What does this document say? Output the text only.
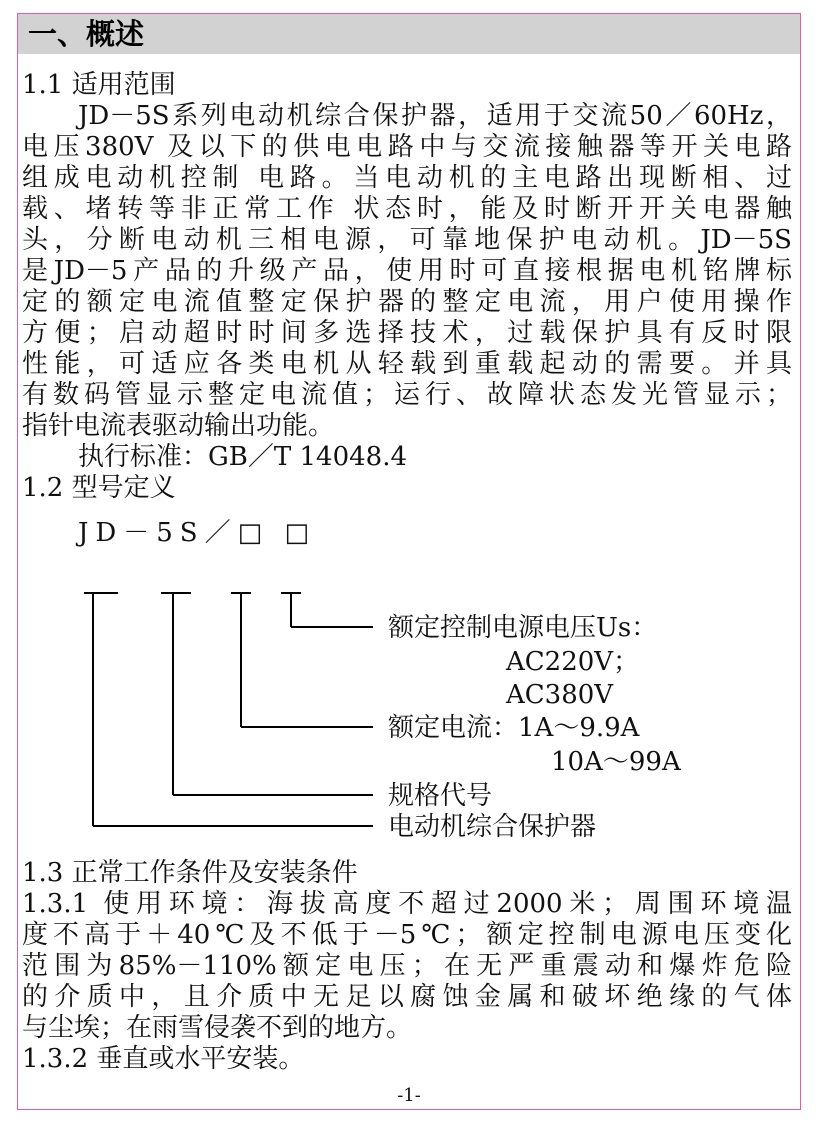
一、概述
1.1 适用范围
JD－5S系列电动机综合保护器，适用于交流50／60Hz，
电压380V 及以下的供电电路中与交流接触器等开关电路
组成电动机控制 电路。当电动机的主电路出现断相、过
载、堵转等非正常工作 状态时，能及时断开开关电器触
头，分断电动机三相电源，可靠地保护电动机。JD－5S
是JD－5产品的升级产品，使用时可直接根据电机铭牌标
定的额定电流值整定保护器的整定电流，用户使用操作
方便；启动超时时间多选择技术，过载保护具有反时限
性能，可适应各类电机从轻载到重载起动的需要。并具
有数码管显示整定电流值；运行、故障状态发光管显示；
指针电流表驱动输出功能。
执行标准：GB／T 14048.4
1.2 型号定义
JD－5S／□ □
额定控制电源电压Us：
AC220V；
AC380V
额定电流：1A～9.9A
10A～99A
规格代号
电动机综合保护器
1.3 正常工作条件及安装条件
1.3.1 使用环境：海拔高度不超过2000米；周围环境温
度不高于＋40℃及不低于－5℃；额定控制电源电压变化
范围为85%－110%额定电压；在无严重震动和爆炸危险
的介质中，且介质中无足以腐蚀金属和破坏绝缘的气体
与尘埃；在雨雪侵袭不到的地方。
1.3.2 垂直或水平安装。
-1-
